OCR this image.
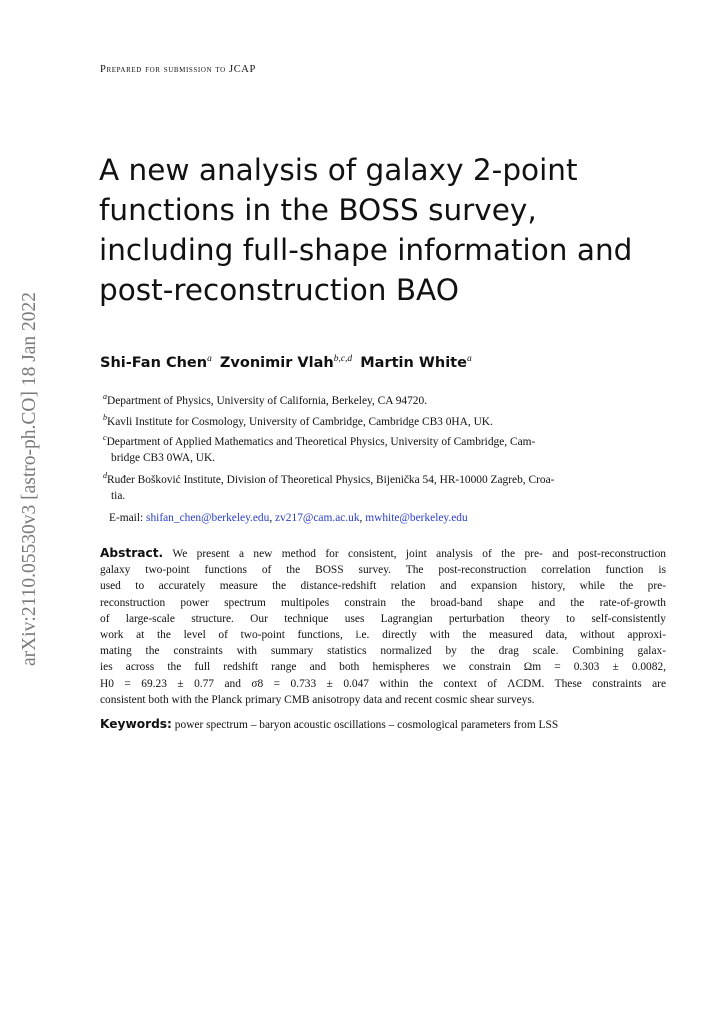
Prepared for submission to JCAP
arXiv:2110.05530v3 [astro-ph.CO] 18 Jan 2022
A new analysis of galaxy 2-point
functions in the BOSS survey,
including full-shape information and
post-reconstruction BAO
Shi-Fan Chen$^a$ Zvonimir Vlah$^{b,c,d}$ Martin White$^a$
$^a$Department of Physics, University of California, Berkeley, CA 94720.
$^b$Kavli Institute for Cosmology, University of Cambridge, Cambridge CB3 0HA, UK.
$^c$Department of Applied Mathematics and Theoretical Physics, University of Cambridge, Cam-
bridge CB3 0WA, UK.
$^d$Ruđer Bošković Institute, Division of Theoretical Physics, Bijenička 54, HR-10000 Zagreb, Croa-
tia.
E-mail: shifan_chen@berkeley.edu, zv217@cam.ac.uk, mwhite@berkeley.edu
Abstract. We present a new method for consistent, joint analysis of the pre- and post-reconstruction
galaxy two-point functions of the BOSS survey. The post-reconstruction correlation function is
used to accurately measure the distance-redshift relation and expansion history, while the pre-
reconstruction power spectrum multipoles constrain the broad-band shape and the rate-of-growth
of large-scale structure. Our technique uses Lagrangian perturbation theory to self-consistently
work at the level of two-point functions, i.e. directly with the measured data, without approxi-
mating the constraints with summary statistics normalized by the drag scale. Combining galax-
ies across the full redshift range and both hemispheres we constrain Ωm = 0.303 ± 0.0082,
H0 = 69.23 ± 0.77 and σ8 = 0.733 ± 0.047 within the context of ΛCDM. These constraints are
consistent both with the Planck primary CMB anisotropy data and recent cosmic shear surveys.
Keywords: power spectrum – baryon acoustic oscillations – cosmological parameters from LSS
